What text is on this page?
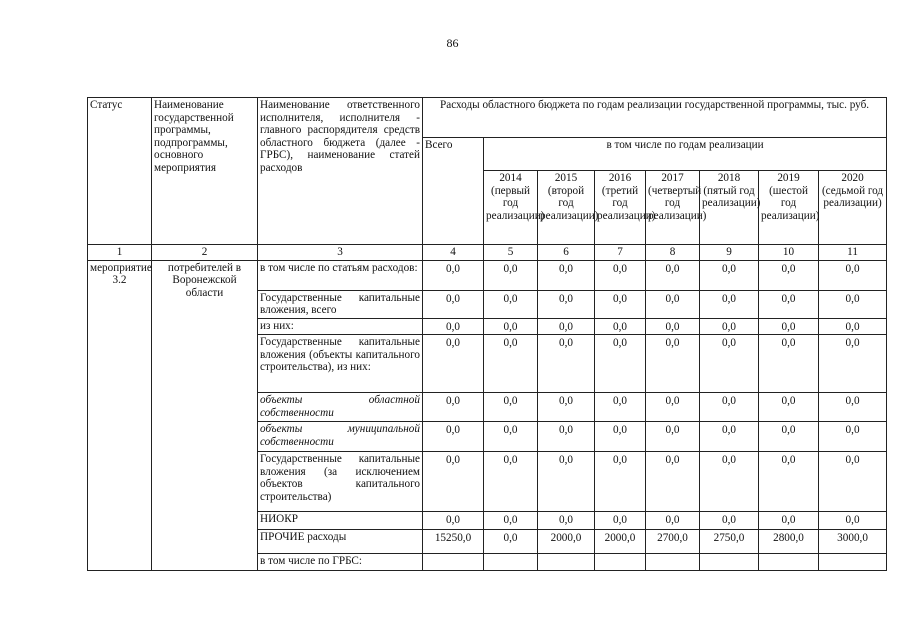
86
Статус	Наименование государственной программы, подпрограммы, основного мероприятия	Наименование ответственного исполнителя, исполнителя - главного распорядителя средств областного бюджета (далее - ГРБС), наименование статей расходов	Расходы областного бюджета по годам реализации государственной программы, тыс. руб.							
			Всего	в том числе по годам реализации						
				2014 (первый год реализации)	2015 (второй год реализации)	2016 (третий год реализации)	2017 (четвертый год реализации)	2018 (пятый год реализации)	2019 (шестой год реализации)	2020 (седьмой год реализации)
1	2	3	4	5	6	7	8	9	10	11
мероприятие 3.2	потребителей в Воронежской области	в том числе по статьям расходов:	0,0	0,0	0,0	0,0	0,0	0,0	0,0	0,0
		Государственные капитальные вложения, всего	0,0	0,0	0,0	0,0	0,0	0,0	0,0	0,0
		из них:	0,0	0,0	0,0	0,0	0,0	0,0	0,0	0,0
		Государственные капитальные вложения (объекты капитального строительства), из них:	0,0	0,0	0,0	0,0	0,0	0,0	0,0	0,0
		объекты областной собственности	0,0	0,0	0,0	0,0	0,0	0,0	0,0	0,0
		объекты муниципальной собственности	0,0	0,0	0,0	0,0	0,0	0,0	0,0	0,0
		Государственные капитальные вложения (за исключением объектов капитального строительства)	0,0	0,0	0,0	0,0	0,0	0,0	0,0	0,0
		НИОКР	0,0	0,0	0,0	0,0	0,0	0,0	0,0	0,0
		ПРОЧИЕ расходы	15250,0	0,0	2000,0	2000,0	2700,0	2750,0	2800,0	3000,0
		в том числе по ГРБС:								
